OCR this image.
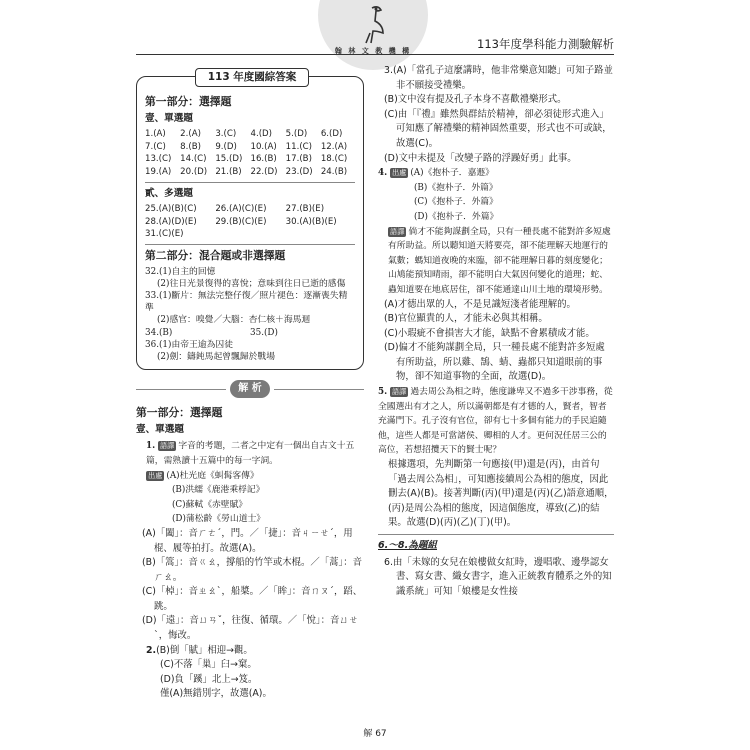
翰 林 文 教 機 構	113年度學科能力測驗解析
113 年度國綜答案
第一部分：選擇題
壹、單選題
1.(A)	2.(A)	3.(C)	4.(D)	5.(D)	6.(D)
7.(C)	8.(B)	9.(D)	10.(A)	11.(C)	12.(A)
13.(C)	14.(C)	15.(D) 16.(B)	17.(B)	18.(C)
19.(A)	20.(D) 21.(B)	22.(D) 23.(D) 24.(B)
貳、多選題
25.(A)(B)(C)	26.(A)(C)(E)	27.(B)(E)
28.(A)(D)(E)	29.(B)(C)(E)	30.(A)(B)(E)
31.(C)(E)
第二部分：混合題或非選擇題
32.(1)自主的回憶
(2)往日光景復得的喜悅；意味到往日已逝的感傷
33.(1)斷片：無法完整仔復／照片褪色：逐漸喪失精準
(2)感官：嗅覺／大腦：杏仁核＋海馬迴
34.(B)	35.(D)
36.(1)由帝王逾為囚徒
(2)劍：鑄鈍馬起曾飄歸於戰場
解 析
第一部分：選擇題
壹、單選題

1. 語譯 字音的考題，二者之中定有一個出自古文十五篇，需熟讀十五篇中的每一字詞。

出處 (A)杜光庭《虯髯客傳》

(B)洪繻《鹿港乘桴記》

(C)蘇軾《赤壁賦》

(D)蒲松齡《勞山道士》

(A)「闔」：音ㄏㄜˊ，門。／「捷」：音ㄐㄧㄝˊ，用棍、履等拍打。故選(A)。

(B)「篙」：音ㄍㄠ，撐船的竹竿或木棍。／「蒿」：音ㄏㄠ。

(C)「棹」：音ㄓㄠˋ，船槳。／「眸」：音ㄇㄡˊ，蹈、跳。

(D)「遠」：音ㄩㄢˇ，往復、循環。／「悅」：音ㄩㄝˋ，悔改。

2.(B)倒「賦」相迎→觀。

(C)不落「巢」臼→窠。

(D)負「蹊」北上→笈。

僅(A)無錯別字，故選(A)。

3.(A)「當孔子這麼講時，他非常樂意知聽」可知子路並非不願接受禮樂。

(B)文中沒有提及孔子本身不喜歡禮樂形式。

(C)由「『禮』雖然與群結於精神，卻必須徒形式進入」可知應了解禮樂的精神固然重要，形式也不可或缺，故選(C)。

(D)文中未提及「改變子路的浮躁好勇」此事。

4. 出處 (A)《抱朴子．嘉遯》

(B)《抱朴子．外篇》

(C)《抱朴子．外篇》

(D)《抱朴子．外篇》

語譯 倘才不能夠謀劃全局，只有一種長處不能對許多短處有所助益。所以聽知道天將要亮，卻不能理解天地運行的氣數；螞知道夜晚的來臨，卻不能理解日暮的刻度變化；山鳩能預知晴雨，卻不能明白大氣因何變化的道理；蛇、蟲知道要在地底居住，卻不能通達山川土地的環境形勢。

(A)才德出眾的人，不是見識短淺者能理解的。

(B)官位顯貴的人，才能未必與其相稱。

(C)小瑕疵不會損害大才能，缺點不會累積成才能。

(D)偏才不能夠謀劃全局，只一種長處不能對許多短處有所助益，所以雞、鵠、蜻、蟲都只知道眼前的事物，卻不知道事物的全面，故選(D)。

5. 語譯 過去周公為相之時，態度謙卑又不過多干涉事務，從全國選出有才之人，所以滿朝都是有才德的人，賢者，智者充滿門下。孔子沒有官位，卻有七十多個有能力的手民追隨他，這些人都是可當諸侯、卿相的人才。更何況任居三公的高位，若想招攬天下的賢士呢？

根據選項，先判斷第一句應接(甲)還是(丙)，由首句「過去周公為相」，可知應接續周公為相的態度，因此刪去(A)(B)。接著判斷(丙)(甲)還是(丙)(乙)語意通順，(丙)是周公為相的態度，因這個態度，導致(乙)的結果。故選(D)(丙)(乙)(丁)(甲)。

6.～8.為題組

6.由「未嫁的女兒在娘樓做女紅時，邊唱歌、邊學認女書、寫女書、織女書字，進入正統教育體系之外的知識系統」可知「娘樓是女性接

解 67
